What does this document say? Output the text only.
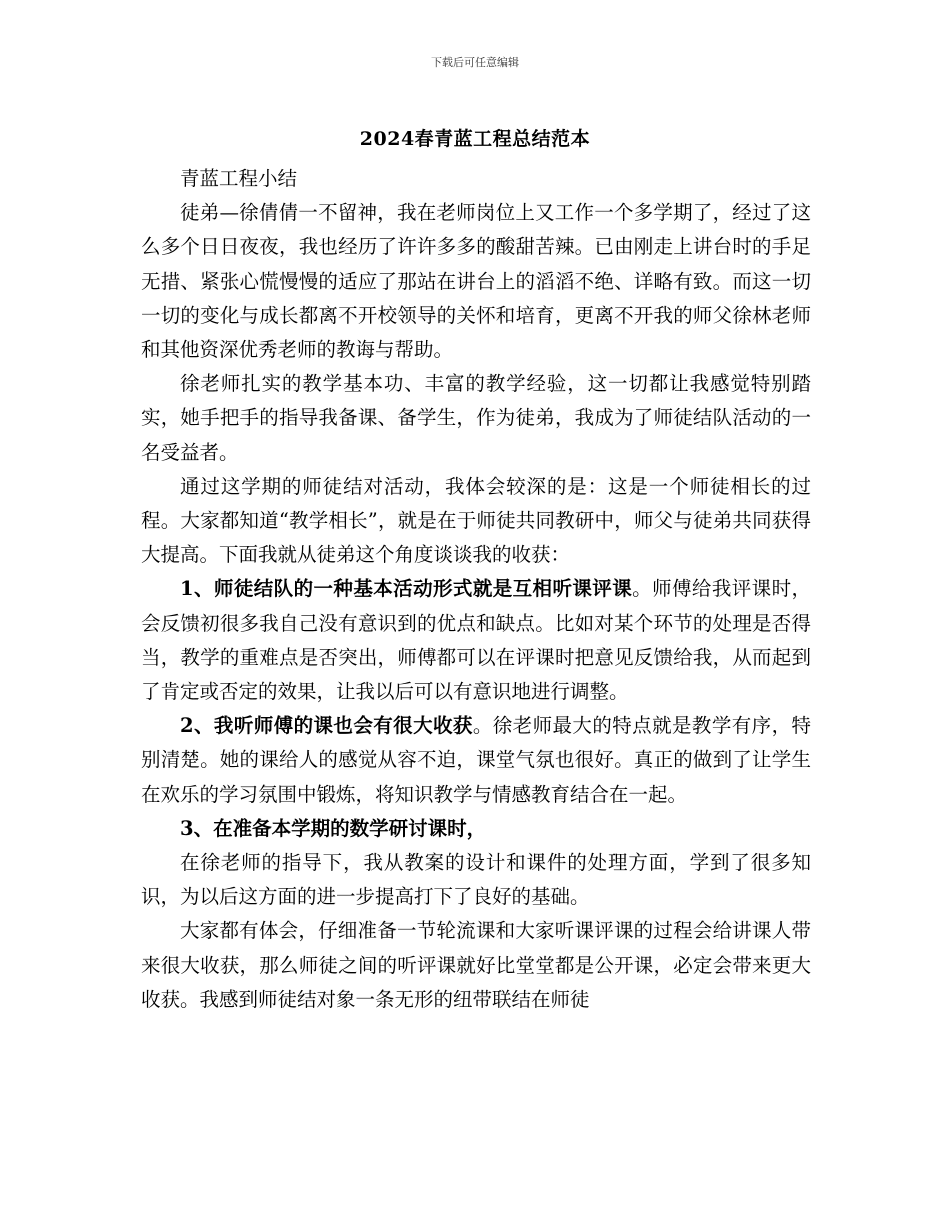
下载后可任意编辑
2024春青蓝工程总结范本

青蓝工程小结

徒弟—徐倩倩一不留神，我在老师岗位上又工作一个多学期了，经过了这么多个日日夜夜，我也经历了许许多多的酸甜苦辣。已由刚走上讲台时的手足无措、紧张心慌慢慢的适应了那站在讲台上的滔滔不绝、详略有致。而这一切一切的变化与成长都离不开校领导的关怀和培育，更离不开我的师父徐林老师和其他资深优秀老师的教诲与帮助。

徐老师扎实的教学基本功、丰富的教学经验，这一切都让我感觉特别踏实，她手把手的指导我备课、备学生，作为徒弟，我成为了师徒结队活动的一名受益者。

通过这学期的师徒结对活动，我体会较深的是：这是一个师徒相长的过程。大家都知道“教学相长”，就是在于师徒共同教研中，师父与徒弟共同获得大提高。下面我就从徒弟这个角度谈谈我的收获：

1、师徒结队的一种基本活动形式就是互相听课评课。师傅给我评课时，会反馈初很多我自己没有意识到的优点和缺点。比如对某个环节的处理是否得当，教学的重难点是否突出，师傅都可以在评课时把意见反馈给我，从而起到了肯定或否定的效果，让我以后可以有意识地进行调整。

2、我听师傅的课也会有很大收获。徐老师最大的特点就是教学有序，特别清楚。她的课给人的感觉从容不迫，课堂气氛也很好。真正的做到了让学生在欢乐的学习氛围中锻炼，将知识教学与情感教育结合在一起。

3、在准备本学期的数学研讨课时，

在徐老师的指导下，我从教案的设计和课件的处理方面，学到了很多知识，为以后这方面的进一步提高打下了良好的基础。

大家都有体会，仔细准备一节轮流课和大家听课评课的过程会给讲课人带来很大收获，那么师徒之间的听评课就好比堂堂都是公开课，必定会带来更大收获。我感到师徒结对象一条无形的纽带联结在师徒
